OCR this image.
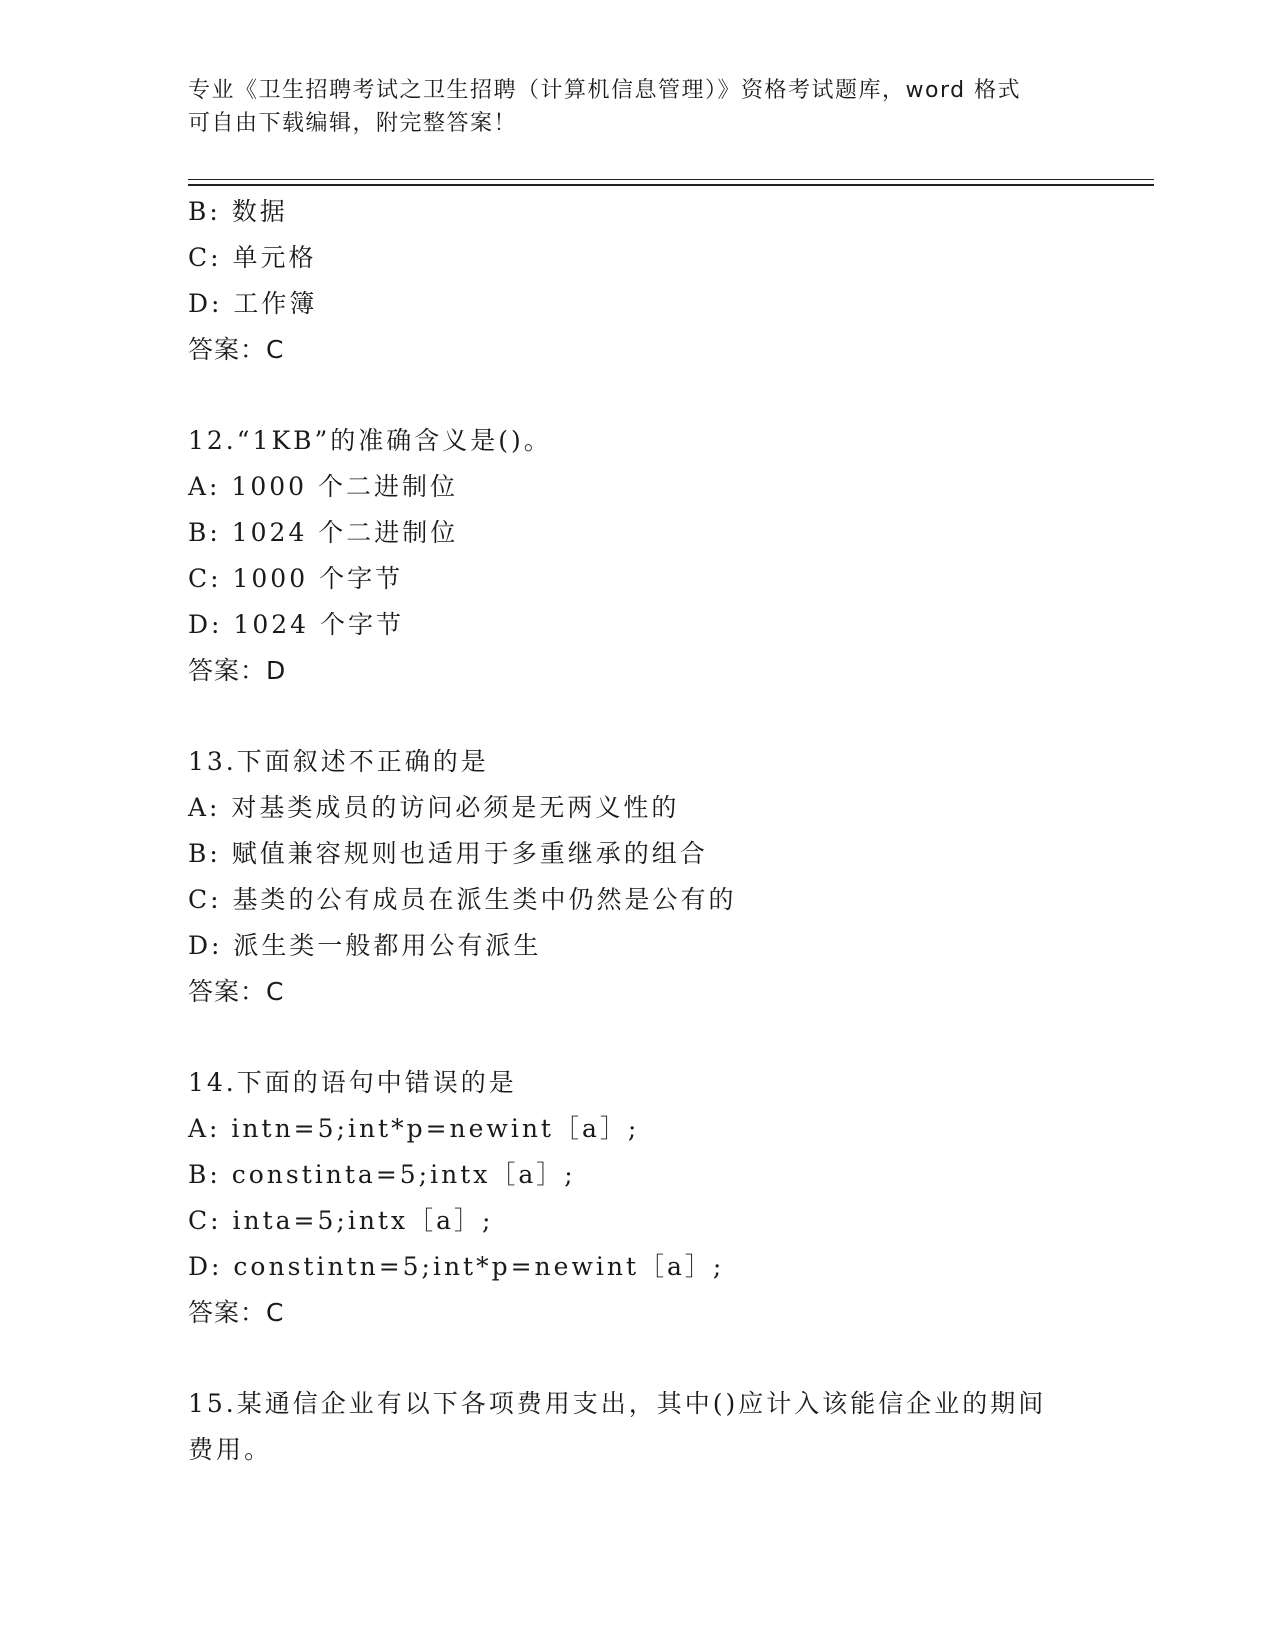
专业《卫生招聘考试之卫生招聘（计算机信息管理）》资格考试题库，word 格式
可自由下载编辑，附完整答案！
B: 数据
C: 单元格
D: 工作簿
答案：C
12.“1KB”的准确含义是()。
A: 1000 个二进制位
B: 1024 个二进制位
C: 1000 个字节
D: 1024 个字节
答案：D
13.下面叙述不正确的是
A: 对基类成员的访问必须是无两义性的
B: 赋值兼容规则也适用于多重继承的组合
C: 基类的公有成员在派生类中仍然是公有的
D: 派生类一般都用公有派生
答案：C
14.下面的语句中错误的是
A: intn=5;int*p=newint［a］;
B: constinta=5;intx［a］;
C: inta=5;intx［a］;
D: constintn=5;int*p=newint［a］;
答案：C
15.某通信企业有以下各项费用支出，其中()应计入该能信企业的期间
费用。
